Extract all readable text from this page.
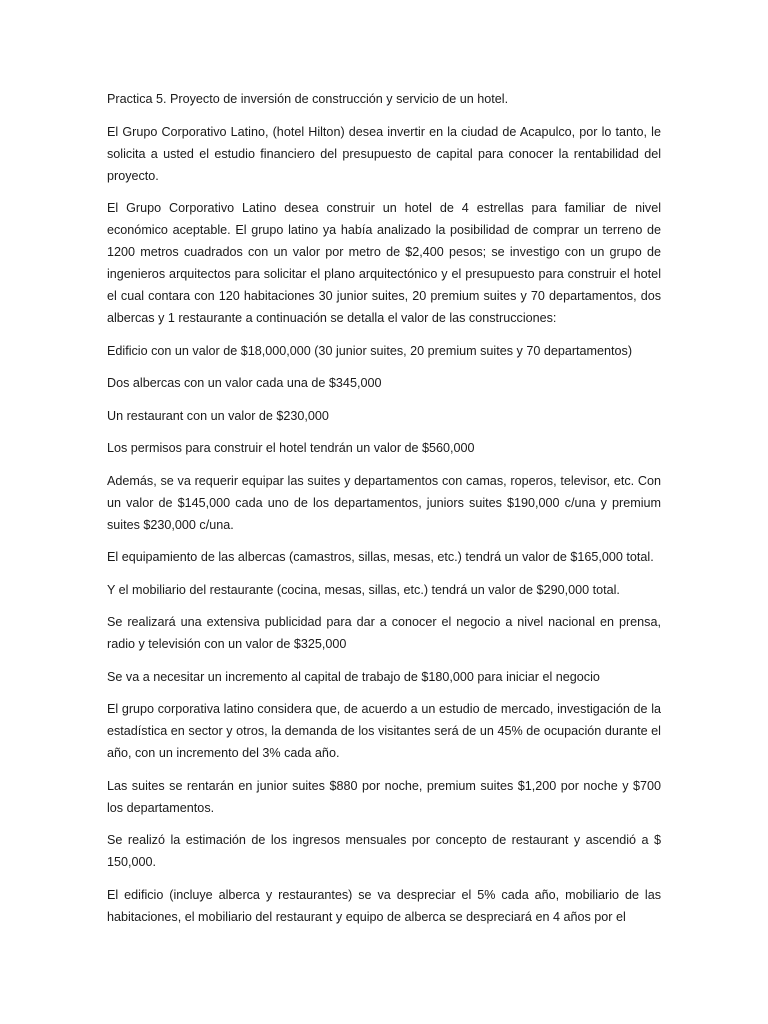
Practica 5. Proyecto de inversión de construcción y servicio de un hotel.

El Grupo Corporativo Latino, (hotel Hilton) desea invertir en la ciudad de Acapulco, por lo tanto, le solicita a usted el estudio financiero del presupuesto de capital para conocer la rentabilidad del proyecto.

El Grupo Corporativo Latino desea construir un hotel de 4 estrellas para familiar de nivel económico aceptable. El grupo latino ya había analizado la posibilidad de comprar un terreno de 1200 metros cuadrados con un valor por metro de $2,400 pesos; se investigo con un grupo de ingenieros arquitectos para solicitar el plano arquitectónico y el presupuesto para construir el hotel el cual contara con 120 habitaciones 30 junior suites, 20 premium suites y 70 departamentos, dos albercas y 1 restaurante a continuación se detalla el valor de las construcciones:

Edificio con un valor de $18,000,000 (30 junior suites, 20 premium suites y 70 departamentos)

Dos albercas con un valor cada una de $345,000

Un restaurant con un valor de $230,000

Los permisos para construir el hotel tendrán un valor de $560,000

Además, se va requerir equipar las suites y departamentos con camas, roperos, televisor, etc. Con un valor de $145,000 cada uno de los departamentos, juniors suites $190,000 c/una y premium suites $230,000 c/una.

El equipamiento de las albercas (camastros, sillas, mesas, etc.) tendrá un valor de $165,000 total.

Y el mobiliario del restaurante (cocina, mesas, sillas, etc.) tendrá un valor de $290,000 total.

Se realizará una extensiva publicidad para dar a conocer el negocio a nivel nacional en prensa, radio y televisión con un valor de $325,000

Se va a necesitar un incremento al capital de trabajo de $180,000 para iniciar el negocio

El grupo corporativa latino considera que, de acuerdo a un estudio de mercado, investigación de la estadística en sector y otros, la demanda de los visitantes será de un 45% de ocupación durante el año, con un incremento del 3% cada año.

Las suites se rentarán en junior suites $880 por noche, premium suites $1,200 por noche y $700 los departamentos.

Se realizó la estimación de los ingresos mensuales por concepto de restaurant y ascendió a $ 150,000.

El edificio (incluye alberca y restaurantes) se va despreciar el 5% cada año, mobiliario de las habitaciones, el mobiliario del restaurant y equipo de alberca se despreciará en 4 años por el
